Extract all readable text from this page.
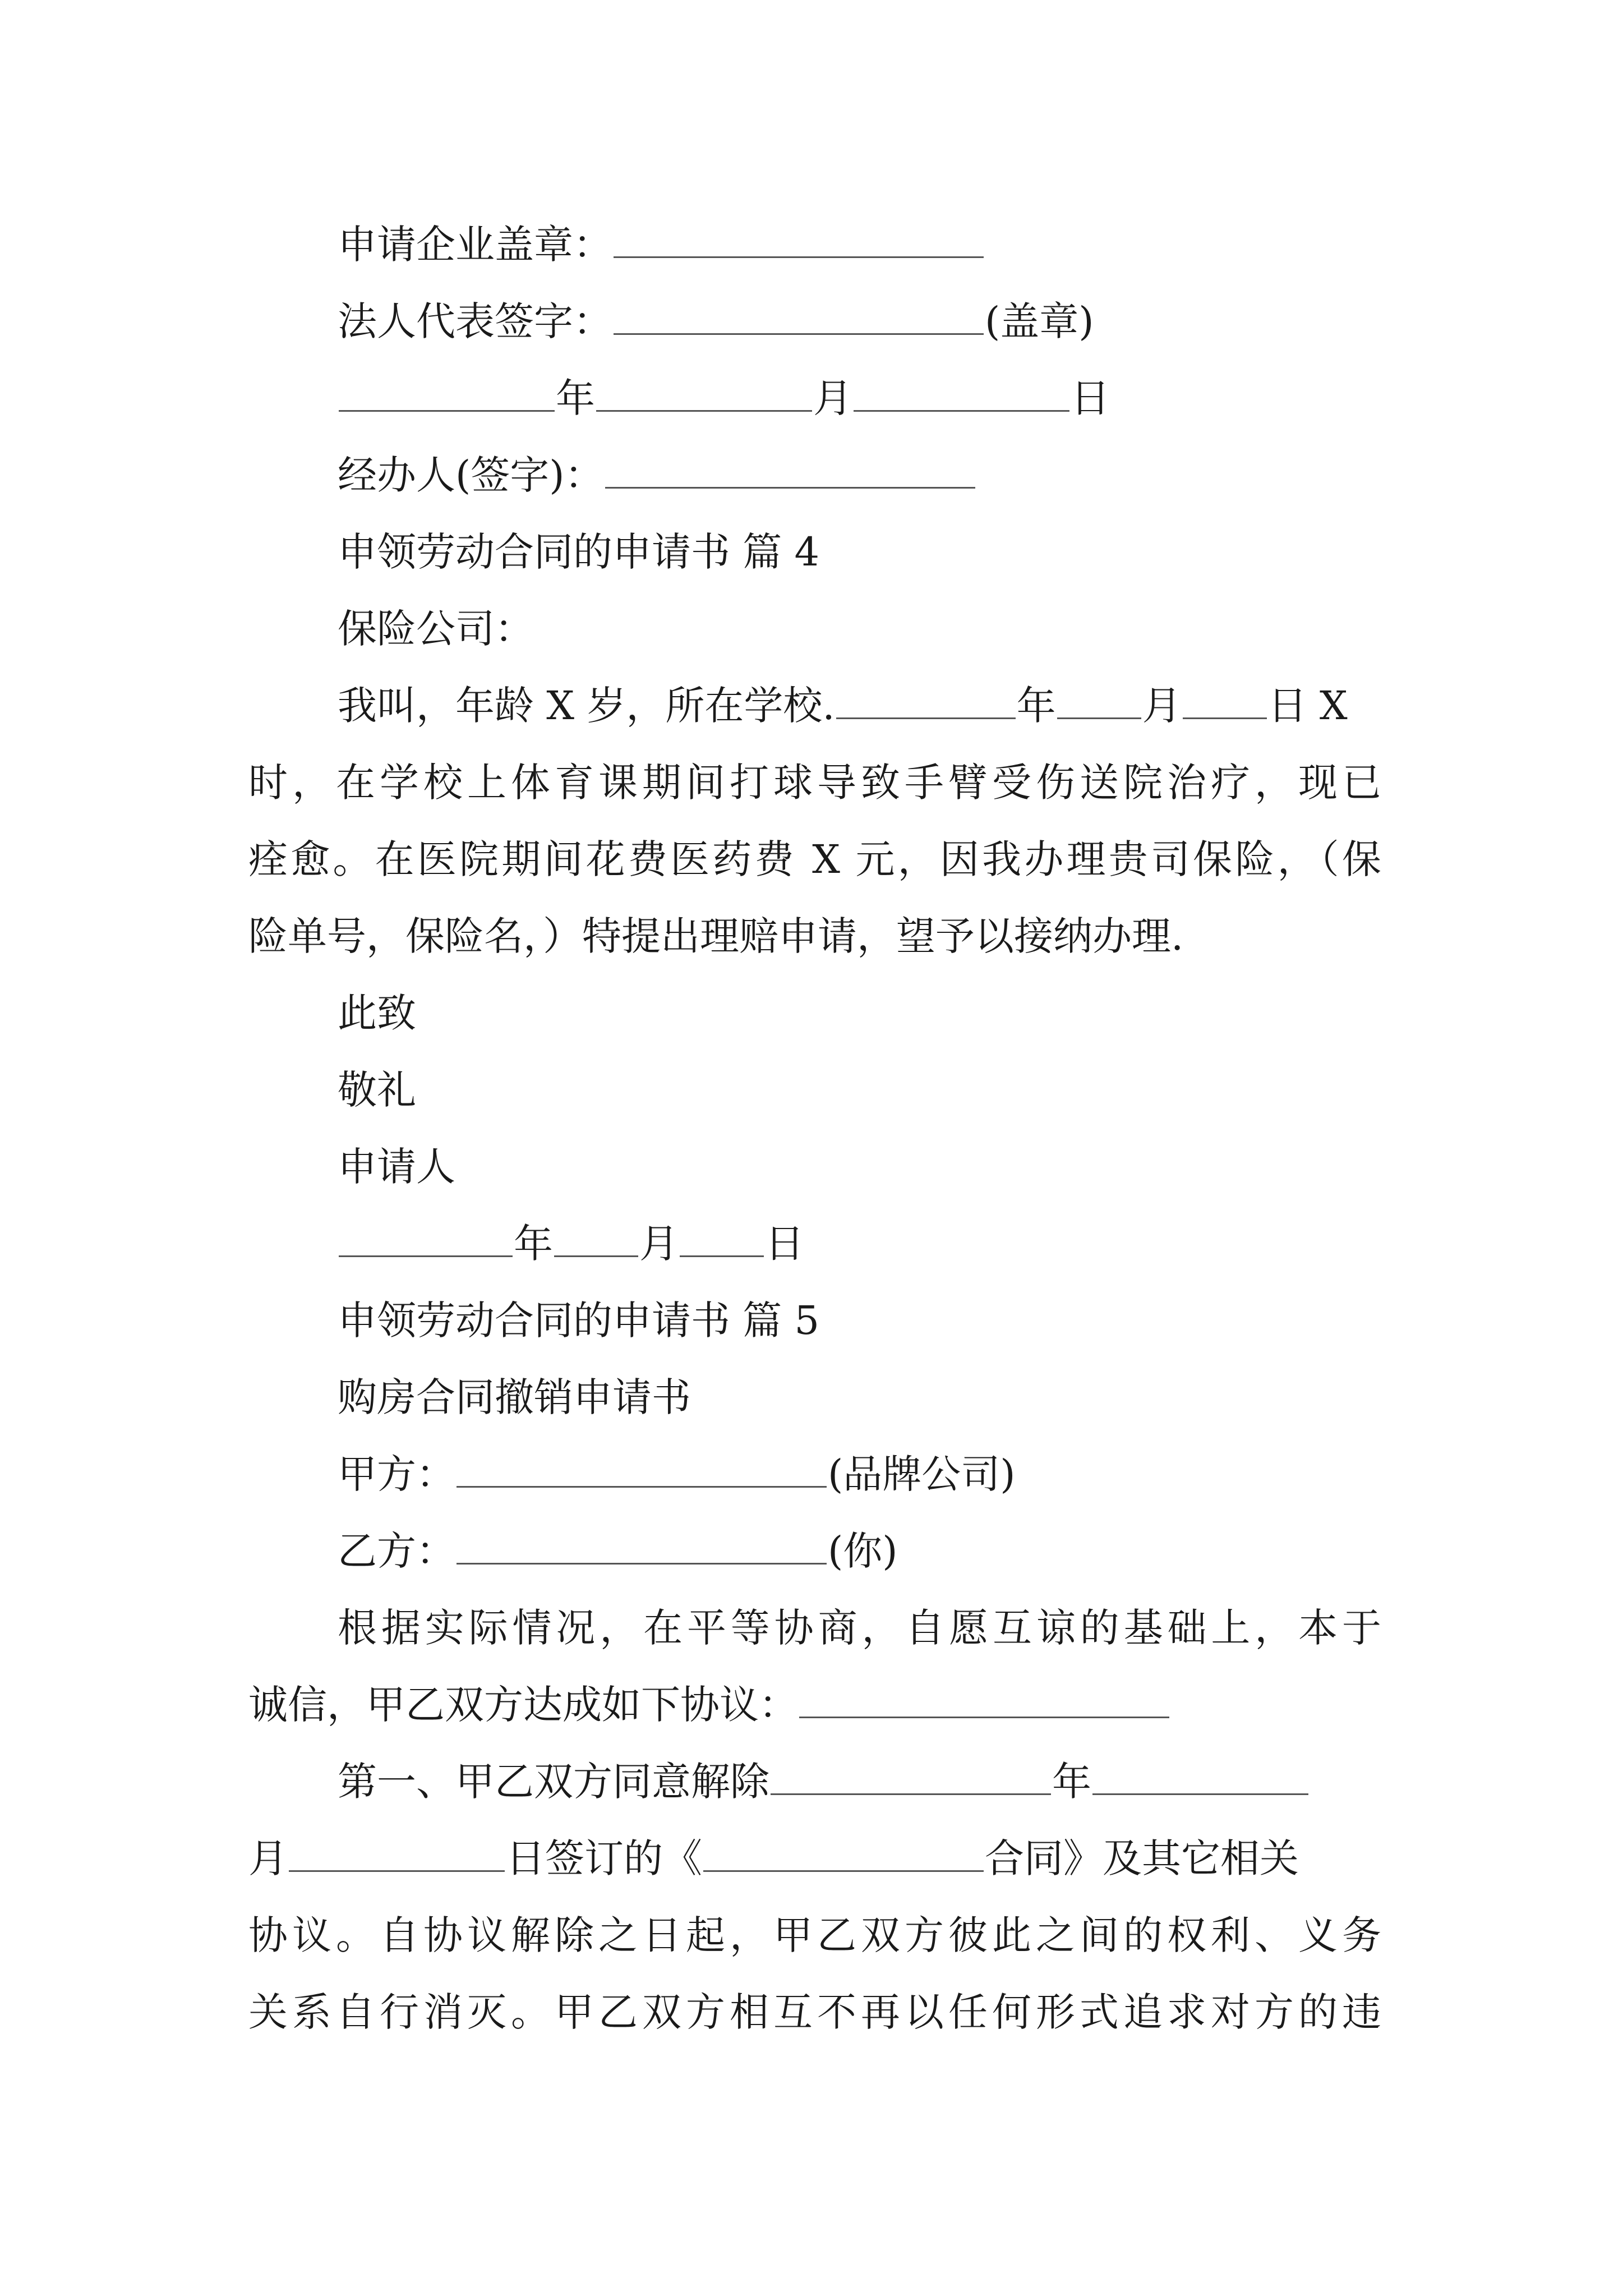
申请企业盖章：
法人代表签字：	(盖章)
年	月	日
经办人(签字)：
申领劳动合同的申请书 篇 4
保险公司：
我叫，年龄 X 岁，所在学校.	年 月 日 X
时，在学校上体育课期间打球导致手臂受伤送院治疗，现已
痊愈。在医院期间花费医药费 X 元，因我办理贵司保险，（保
险单号，保险名，）特提出理赔申请，望予以接纳办理.
此致
敬礼
申请人
年 月 日
申领劳动合同的申请书 篇 5
购房合同撤销申请书
甲方：	(品牌公司)
乙方：	(你)
根据实际情况，在平等协商，自愿互谅的基础上，本于
诚信，甲乙双方达成如下协议：
第一、甲乙双方同意解除	年
月	日签订的《	合同》及其它相关
协议。自协议解除之日起，甲乙双方彼此之间的权利、义务
关系自行消灭。甲乙双方相互不再以任何形式追求对方的违
